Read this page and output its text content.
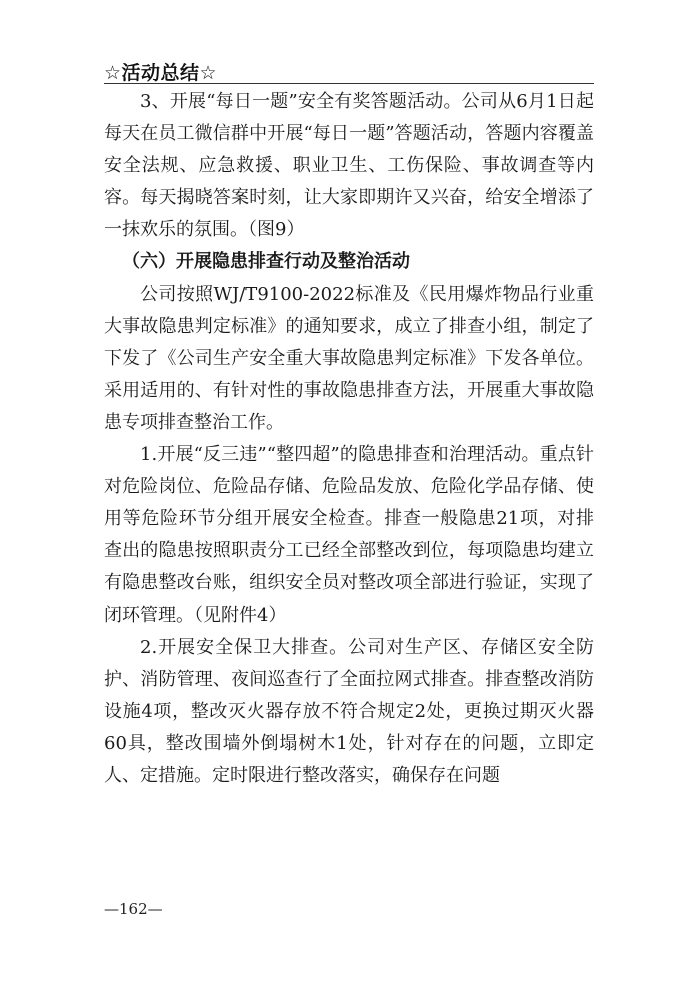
☆活动总结☆

3、开展“每日一题”安全有奖答题活动。公司从6月1日起每天在员工微信群中开展“每日一题”答题活动，答题内容覆盖安全法规、应急救援、职业卫生、工伤保险、事故调查等内容。每天揭晓答案时刻，让大家即期许又兴奋，给安全增添了一抹欢乐的氛围。（图9）

（六）开展隐患排查行动及整治活动

公司按照WJ/T9100-2022标准及《民用爆炸物品行业重大事故隐患判定标准》的通知要求，成立了排查小组，制定了下发了《公司生产安全重大事故隐患判定标准》下发各单位。采用适用的、有针对性的事故隐患排查方法，开展重大事故隐患专项排查整治工作。

1.开展“反三违”“整四超”的隐患排查和治理活动。重点针对危险岗位、危险品存储、危险品发放、危险化学品存储、使用等危险环节分组开展安全检查。排查一般隐患21项，对排查出的隐患按照职责分工已经全部整改到位，每项隐患均建立有隐患整改台账，组织安全员对整改项全部进行验证，实现了闭环管理。（见附件4）

2.开展安全保卫大排查。公司对生产区、存储区安全防护、消防管理、夜间巡查行了全面拉网式排查。排查整改消防设施4项，整改灭火器存放不符合规定2处，更换过期灭火器60具，整改围墙外倒塌树木1处，针对存在的问题，立即定人、定措施。定时限进行整改落实，确保存在问题

—162—
